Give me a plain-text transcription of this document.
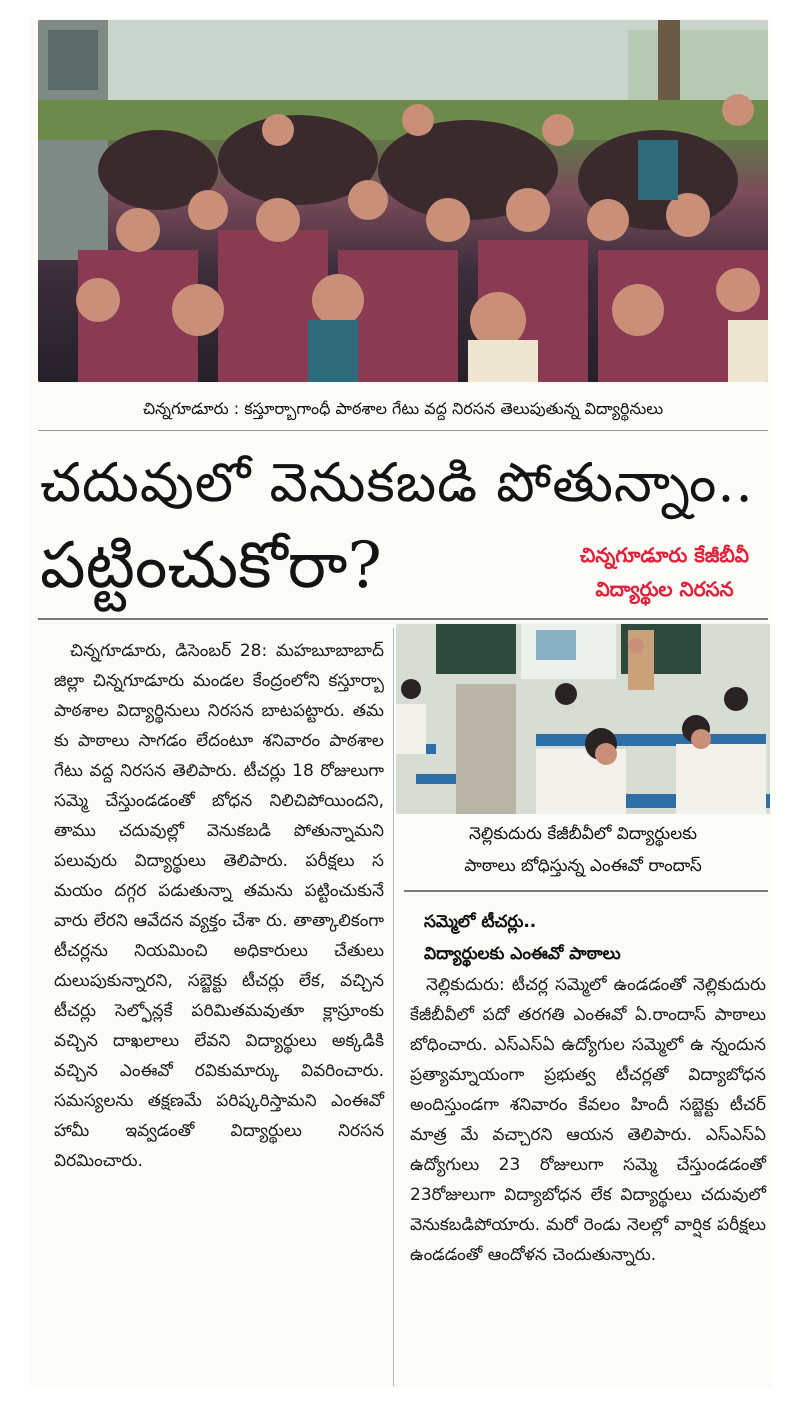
చిన్నగూడూరు : కస్తూర్బాగాంధీ పాఠశాల గేటు వద్ద నిరసన తెలుపుతున్న విద్యార్థినులు
చదువులో వెనుకబడి పోతున్నాం..
పట్టించుకోరా?	చిన్నగూడూరు కేజీబీవీ
విద్యార్థుల నిరసన

చిన్నగూడూరు, డిసెంబర్ 28: మహబూబాబాద్ జిల్లా చిన్నగూడూరు మండల కేంద్రంలోని కస్తూర్బా పాఠశాల విద్యార్థినులు నిరసన బాటపట్టారు. తమ కు పాఠాలు సాగడం లేదంటూ శనివారం పాఠశాల గేటు వద్ద నిరసన తెలిపారు. టీచర్లు 18 రోజులుగా సమ్మె చేస్తుండడంతో బోధన నిలిచిపోయిందని, తాము చదువుల్లో వెనుకబడి పోతున్నామని పలువురు విద్యార్థులు తెలిపారు. పరీక్షలు స మయం దగ్గర పడుతున్నా తమను పట్టించుకునే వారు లేరని ఆవేదన వ్యక్తం చేశా రు. తాత్కాలికంగా టీచర్లను నియమించి అధికారులు చేతులు దులుపుకున్నారని, సబ్జెక్టు టీచర్లు లేక, వచ్చిన టీచర్లు సెల్ఫోన్లకే పరిమితమవుతూ క్లాస్రూంకు వచ్చిన దాఖలాలు లేవని విద్యార్థులు అక్కడికి వచ్చిన ఎంఈవో రవికుమార్కు వివరించారు. సమస్యలను తక్షణమే పరిష్కరిస్తామని ఎంఈవో హామీ ఇవ్వడంతో విద్యార్థులు నిరసన విరమించారు.

నెల్లికుదురు కేజీబీవీలో విద్యార్థులకు
పాఠాలు బోధిస్తున్న ఎంఈవో రాందాస్
సమ్మెలో టీచర్లు..
విద్యార్థులకు ఎంఈవో పాఠాలు

నెల్లికుదురు: టీచర్ల సమ్మెలో ఉండడంతో నెల్లికుదురు కేజీబీవీలో పదో తరగతి ఎంఈవో ఏ.రాందాస్ పాఠాలు బోధించారు. ఎస్ఎస్ఏ ఉద్యోగుల సమ్మెలో ఉ న్నందున ప్రత్యామ్నాయంగా ప్రభుత్వ టీచర్లతో విద్యాబోధన అందిస్తుండగా శనివారం కేవలం హిందీ సబ్జెక్టు టీచర్ మాత్ర మే వచ్చారని ఆయన తెలిపారు. ఎస్ఎస్ఏ ఉద్యోగులు 23 రోజులుగా సమ్మె చేస్తుండడంతో 23రోజులుగా విద్యాబోధన లేక విద్యార్థులు చదువులో వెనుకబడిపోయారు. మరో రెండు నెలల్లో వార్షిక పరీక్షలు ఉండడంతో ఆందోళన చెందుతున్నారు.
